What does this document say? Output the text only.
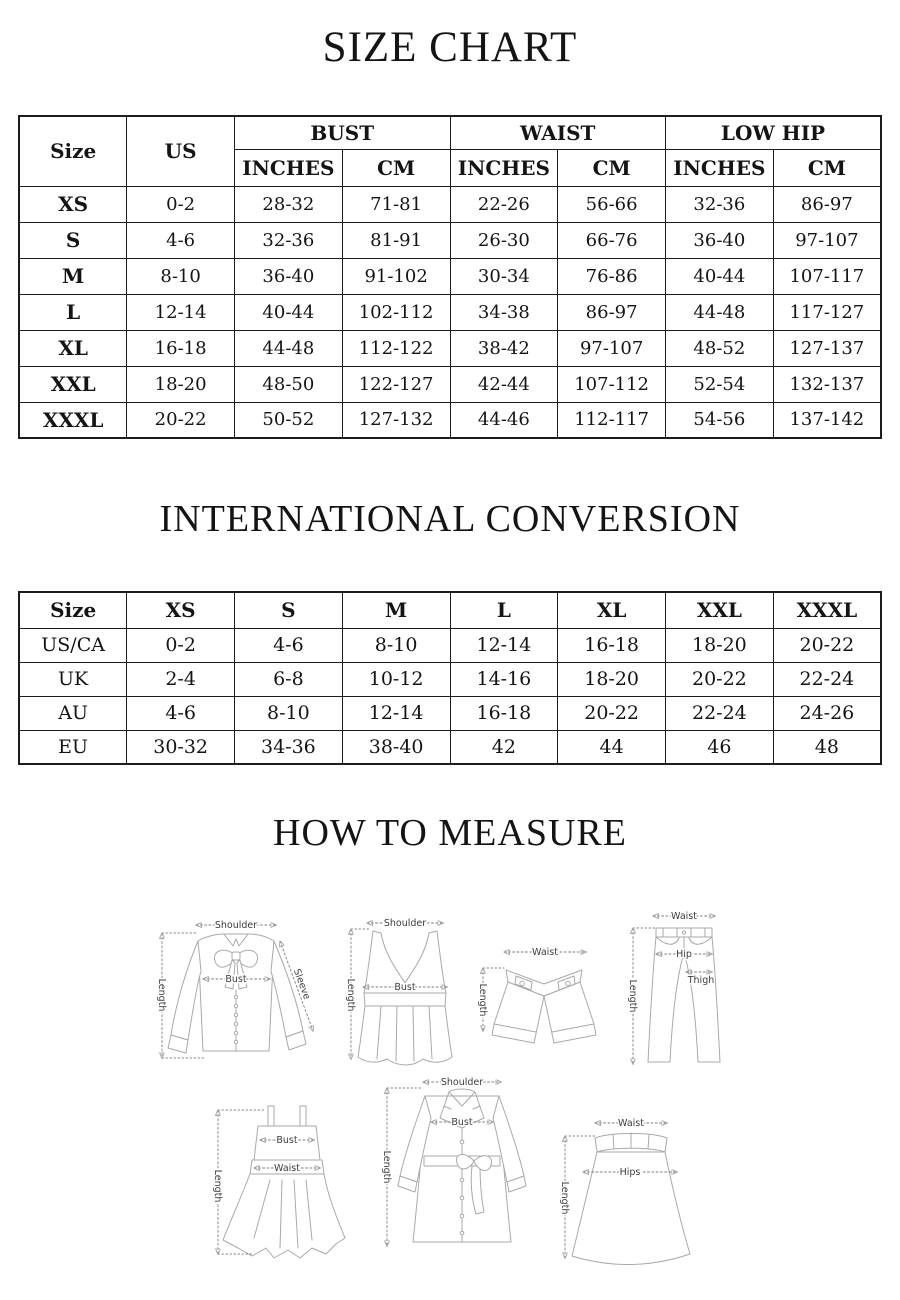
SIZE CHART
Size	US	BUST		WAIST		LOW HIP	
		INCHES	CM	INCHES	CM	INCHES	CM
XS	0-2	28-32	71-81	22-26	56-66	32-36	86-97
S	4-6	32-36	81-91	26-30	66-76	36-40	97-107
M	8-10	36-40	91-102	30-34	76-86	40-44	107-117
L	12-14	40-44	102-112	34-38	86-97	44-48	117-127
XL	16-18	44-48	112-122	38-42	97-107	48-52	127-137
XXL	18-20	48-50	122-127	42-44	107-112	52-54	132-137
XXXL	20-22	50-52	127-132	44-46	112-117	54-56	137-142
INTERNATIONAL CONVERSION
Size	XS	S	M	L	XL	XXL	XXXL
US/CA	0-2	4-6	8-10	12-14	16-18	18-20	20-22
UK	2-4	6-8	10-12	14-16	18-20	20-22	22-24
AU	4-6	8-10	12-14	16-18	20-22	22-24	24-26
EU	30-32	34-36	38-40	42	44	46	48
HOW TO MEASURE
Shoulder
Bust
Length	Sleeve
Shoulder
Bust
Length
Waist
Length
Waist
Hip
Thigh
Length
Bust
Waist
Length
Shoulder
Bust
Length
Waist
Hips
Length
